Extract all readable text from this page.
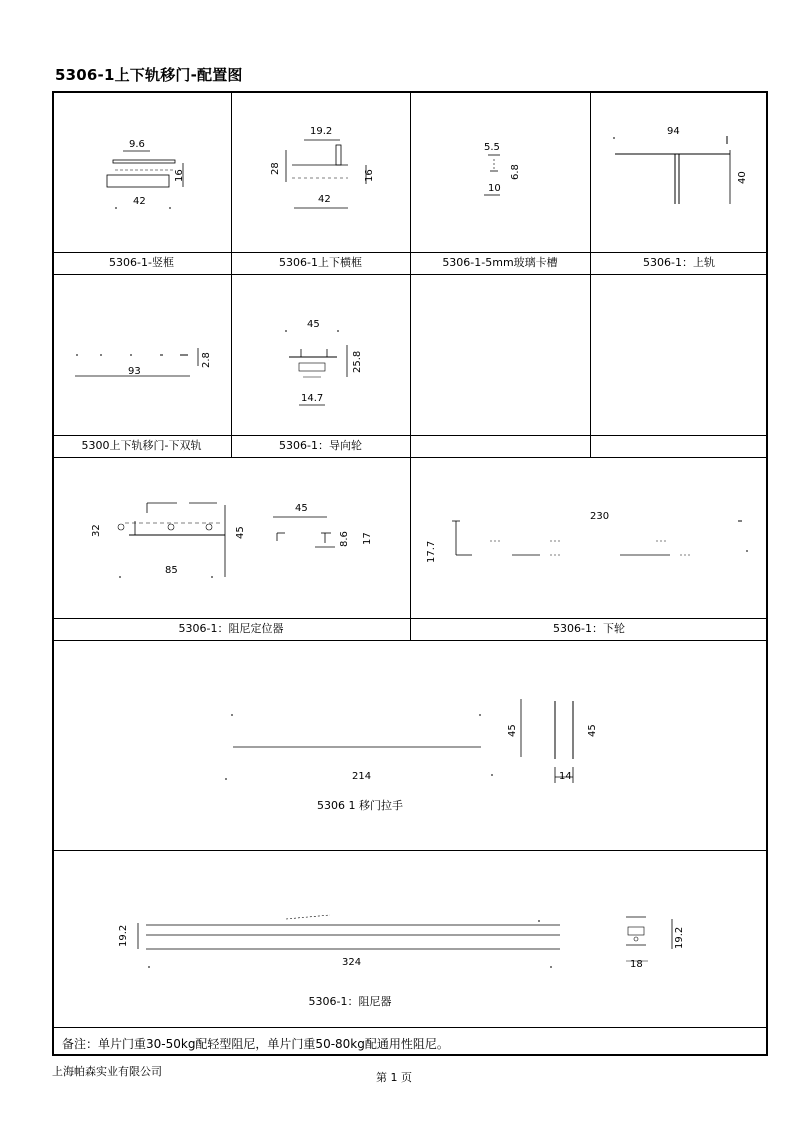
5306-1上下轨移门-配置图
5306-1-竖框	5306-1上下横框	5306-1-5mm玻璃卡槽	5306-1：上轨
5300上下轨移门-下双轨	5306-1：导向轮
5306-1：阻尼定位器	5306-1：下轮
5306 1 移门拉手
5306-1：阻尼器
9.6
16
42
19.2
28
16
42
5.5
6.8
10
94
40
93
2.8
45
25.8
14.7
32	45
85
45
8.6 17
230
17.7
45
214
45
14
19.2
324
19.2
18
备注：单片门重30-50kg配轻型阻尼，单片门重50-80kg配通用性阻尼。
上海帕森实业有限公司	第 1 页
